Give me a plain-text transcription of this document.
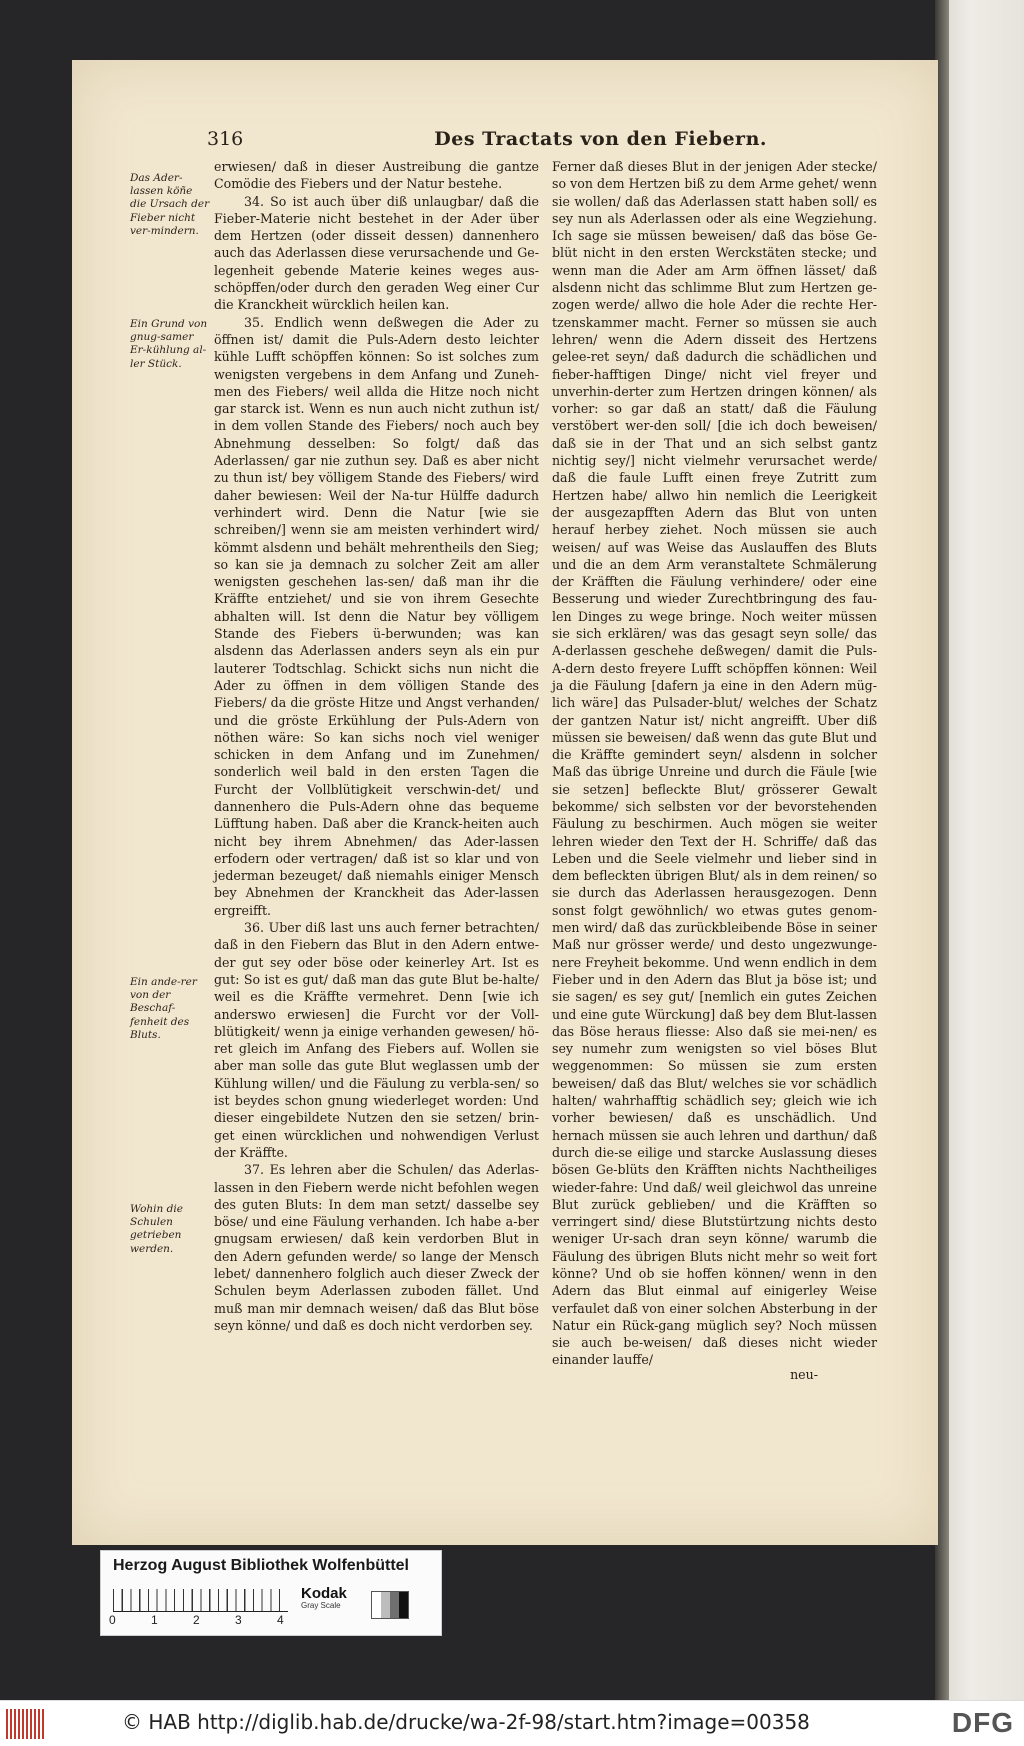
316	Des Tractats von den Fiebern.
Das Ader-lassen köñe die Ursach der Fieber nicht ver-mindern.
Ein Grund von gnug-samer Er-kühlung al-ler Stück.
Ein ande-rer von der Beschaf-fenheit des Bluts.
Wohin die Schulen getrieben werden.

erwiesen/ daß in dieser Austreibung die gantze Comödie des Fiebers und der Natur bestehe.

34. So ist auch über diß unlaugbar/ daß die Fieber-Materie nicht bestehet in der Ader über dem Hertzen (oder disseit dessen) dannenhero auch das Aderlassen diese verursachende und Ge-legenheit gebende Materie keines weges aus-schöpffen/oder durch den geraden Weg einer Cur die Kranckheit würcklich heilen kan.

35. Endlich wenn deßwegen die Ader zu öffnen ist/ damit die Puls-Adern desto leichter kühle Lufft schöpffen können: So ist solches zum wenigsten vergebens in dem Anfang und Zuneh-men des Fiebers/ weil allda die Hitze noch nicht gar starck ist. Wenn es nun auch nicht zuthun ist/ in dem vollen Stande des Fiebers/ noch auch bey Abnehmung desselben: So folgt/ daß das Aderlassen/ gar nie zuthun sey. Daß es aber nicht zu thun ist/ bey völligem Stande des Fiebers/ wird daher bewiesen: Weil der Na-tur Hülffe dadurch verhindert wird. Denn die Natur [wie sie schreiben/] wenn sie am meisten verhindert wird/ kömmt alsdenn und behält mehrentheils den Sieg; so kan sie ja demnach zu solcher Zeit am aller wenigsten geschehen las-sen/ daß man ihr die Kräffte entziehet/ und sie von ihrem Gesechte abhalten will. Ist denn die Natur bey völligem Stande des Fiebers ü-berwunden; was kan alsdenn das Aderlassen anders seyn als ein pur lauterer Todtschlag. Schickt sichs nun nicht die Ader zu öffnen in dem völligen Stande des Fiebers/ da die gröste Hitze und Angst verhanden/ und die gröste Erkühlung der Puls-Adern von nöthen wäre: So kan sichs noch viel weniger schicken in dem Anfang und im Zunehmen/ sonderlich weil bald in den ersten Tagen die Furcht der Vollblütigkeit verschwin-det/ und dannenhero die Puls-Adern ohne das bequeme Lüfftung haben. Daß aber die Kranck-heiten auch nicht bey ihrem Abnehmen/ das Ader-lassen erfodern oder vertragen/ daß ist so klar und von jederman bezeuget/ daß niemahls einiger Mensch bey Abnehmen der Kranckheit das Ader-lassen ergreifft.

36. Uber diß last uns auch ferner betrachten/ daß in den Fiebern das Blut in den Adern entwe-der gut sey oder böse oder keinerley Art. Ist es gut: So ist es gut/ daß man das gute Blut be-halte/ weil es die Kräffte vermehret. Denn [wie ich anderswo erwiesen] die Furcht vor der Voll-blütigkeit/ wenn ja einige verhanden gewesen/ hö-ret gleich im Anfang des Fiebers auf. Wollen sie aber man solle das gute Blut weglassen umb der Kühlung willen/ und die Fäulung zu verbla-sen/ so ist beydes schon gnung wiederleget worden: Und dieser eingebildete Nutzen den sie setzen/ brin-get einen würcklichen und nohwendigen Verlust der Kräffte.

37. Es lehren aber die Schulen/ das Aderlas-lassen in den Fiebern werde nicht befohlen wegen des guten Bluts: In dem man setzt/ dasselbe sey böse/ und eine Fäulung verhanden. Ich habe a-ber gnugsam erwiesen/ daß kein verdorben Blut in den Adern gefunden werde/ so lange der Mensch lebet/ dannenhero folglich auch dieser Zweck der Schulen beym Aderlassen zuboden fället. Und muß man mir demnach weisen/ daß das Blut böse seyn könne/ und daß es doch nicht verdorben sey.

Ferner daß dieses Blut in der jenigen Ader stecke/ so von dem Hertzen biß zu dem Arme gehet/ wenn sie wollen/ daß das Aderlassen statt haben soll/ es sey nun als Aderlassen oder als eine Wegziehung. Ich sage sie müssen beweisen/ daß das böse Ge-blüt nicht in den ersten Werckstäten stecke; und wenn man die Ader am Arm öffnen lässet/ daß alsdenn nicht das schlimme Blut zum Hertzen ge-zogen werde/ allwo die hole Ader die rechte Her-tzenskammer macht. Ferner so müssen sie auch lehren/ wenn die Adern disseit des Hertzens gelee-ret seyn/ daß dadurch die schädlichen und fieber-hafftigen Dinge/ nicht viel freyer und unverhin-derter zum Hertzen dringen können/ als vorher: so gar daß an statt/ daß die Fäulung verstöbert wer-den soll/ [die ich doch beweisen/ daß sie in der That und an sich selbst gantz nichtig sey/] nicht vielmehr verursachet werde/ daß die faule Lufft einen freye Zutritt zum Hertzen habe/ allwo hin nemlich die Leerigkeit der ausgezapfften Adern das Blut von unten herauf herbey ziehet. Noch müssen sie auch weisen/ auf was Weise das Auslauffen des Bluts und die an dem Arm veranstaltete Schmälerung der Kräfften die Fäulung verhindere/ oder eine Besserung und wieder Zurechtbringung des fau-len Dinges zu wege bringe. Noch weiter müssen sie sich erklären/ was das gesagt seyn solle/ das A-derlassen geschehe deßwegen/ damit die Puls-A-dern desto freyere Lufft schöpffen können: Weil ja die Fäulung [dafern ja eine in den Adern müg-lich wäre] das Pulsader-blut/ welches der Schatz der gantzen Natur ist/ nicht angreifft. Uber diß müssen sie beweisen/ daß wenn das gute Blut und die Kräffte gemindert seyn/ alsdenn in solcher Maß das übrige Unreine und durch die Fäule [wie sie setzen] befleckte Blut/ grösserer Gewalt bekomme/ sich selbsten vor der bevorstehenden Fäulung zu beschirmen. Auch mögen sie weiter lehren wieder den Text der H. Schriffe/ daß das Leben und die Seele vielmehr und lieber sind in dem befleckten übrigen Blut/ als in dem reinen/ so sie durch das Aderlassen herausgezogen. Denn sonst folgt gewöhnlich/ wo etwas gutes genom-men wird/ daß das zurückbleibende Böse in seiner Maß nur grösser werde/ und desto ungezwunge-nere Freyheit bekomme. Und wenn endlich in dem Fieber und in den Adern das Blut ja böse ist; und sie sagen/ es sey gut/ [nemlich ein gutes Zeichen und eine gute Würckung] daß bey dem Blut-lassen das Böse heraus fliesse: Also daß sie mei-nen/ es sey numehr zum wenigsten so viel böses Blut weggenommen: So müssen sie zum ersten beweisen/ daß das Blut/ welches sie vor schädlich halten/ wahrhafftig schädlich sey; gleich wie ich vorher bewiesen/ daß es unschädlich. Und hernach müssen sie auch lehren und darthun/ daß durch die-se eilige und starcke Auslassung dieses bösen Ge-blüts den Kräfften nichts Nachtheiliges wieder-fahre: Und daß/ weil gleichwol das unreine Blut zurück geblieben/ und die Kräfften so verringert sind/ diese Blutstürtzung nichts desto weniger Ur-sach dran seyn könne/ warumb die Fäulung des übrigen Bluts nicht mehr so weit fort könne? Und ob sie hoffen können/ wenn in den Adern das Blut einmal auf einigerley Weise verfaulet daß von einer solchen Absterbung in der Natur ein Rück-gang müglich sey? Noch müssen sie auch be-weisen/ daß dieses nicht wieder einander lauffe/

neu-
Herzog August Bibliothek Wolfenbüttel
0	1	2	3	4
Kodak
Gray Scale
© HAB http://diglib.hab.de/drucke/wa-2f-98/start.htm?image=00358	DFG
